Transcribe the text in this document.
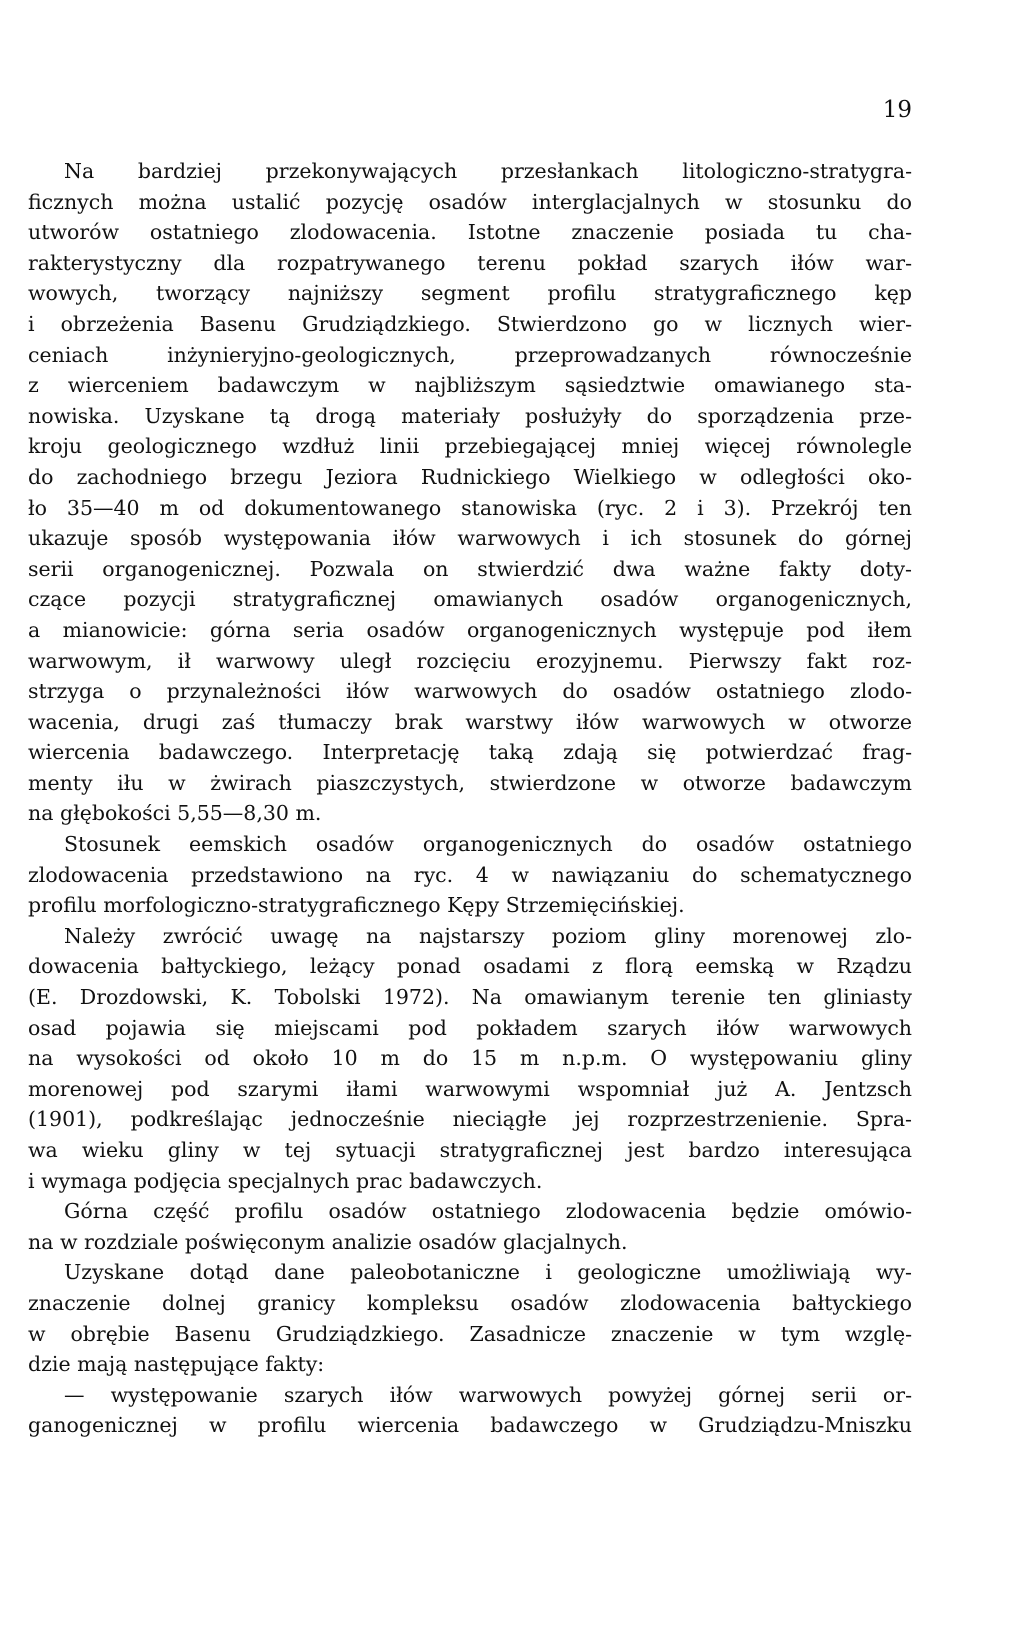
19
Na bardziej przekonywających przesłankach litologiczno-stratygra-
ficznych można ustalić pozycję osadów interglacjalnych w stosunku do
utworów ostatniego zlodowacenia. Istotne znaczenie posiada tu cha-
rakterystyczny dla rozpatrywanego terenu pokład szarych iłów war-
wowych, tworzący najniższy segment profilu stratygraficznego kęp
i obrzeżenia Basenu Grudziądzkiego. Stwierdzono go w licznych wier-
ceniach inżynieryjno-geologicznych, przeprowadzanych równocześnie
z wierceniem badawczym w najbliższym sąsiedztwie omawianego sta-
nowiska. Uzyskane tą drogą materiały posłużyły do sporządzenia prze-
kroju geologicznego wzdłuż linii przebiegającej mniej więcej równolegle
do zachodniego brzegu Jeziora Rudnickiego Wielkiego w odległości oko-
ło 35—40 m od dokumentowanego stanowiska (ryc. 2 i 3). Przekrój ten
ukazuje sposób występowania iłów warwowych i ich stosunek do górnej
serii organogenicznej. Pozwala on stwierdzić dwa ważne fakty doty-
czące pozycji stratygraficznej omawianych osadów organogenicznych,
a mianowicie: górna seria osadów organogenicznych występuje pod iłem
warwowym, ił warwowy uległ rozcięciu erozyjnemu. Pierwszy fakt roz-
strzyga o przynależności iłów warwowych do osadów ostatniego zlodo-
wacenia, drugi zaś tłumaczy brak warstwy iłów warwowych w otworze
wiercenia badawczego. Interpretację taką zdają się potwierdzać frag-
menty iłu w żwirach piaszczystych, stwierdzone w otworze badawczym
na głębokości 5,55—8,30 m.
Stosunek eemskich osadów organogenicznych do osadów ostatniego
zlodowacenia przedstawiono na ryc. 4 w nawiązaniu do schematycznego
profilu morfologiczno-stratygraficznego Kępy Strzemięcińskiej.
Należy zwrócić uwagę na najstarszy poziom gliny morenowej zlo-
dowacenia bałtyckiego, leżący ponad osadami z florą eemską w Rządzu
(E. Drozdowski, K. Tobolski 1972). Na omawianym terenie ten gliniasty
osad pojawia się miejscami pod pokładem szarych iłów warwowych
na wysokości od około 10 m do 15 m n.p.m. O występowaniu gliny
morenowej pod szarymi iłami warwowymi wspomniał już A. Jentzsch
(1901), podkreślając jednocześnie nieciągłe jej rozprzestrzenienie. Spra-
wa wieku gliny w tej sytuacji stratygraficznej jest bardzo interesująca
i wymaga podjęcia specjalnych prac badawczych.
Górna część profilu osadów ostatniego zlodowacenia będzie omówio-
na w rozdziale poświęconym analizie osadów glacjalnych.
Uzyskane dotąd dane paleobotaniczne i geologiczne umożliwiają wy-
znaczenie dolnej granicy kompleksu osadów zlodowacenia bałtyckiego
w obrębie Basenu Grudziądzkiego. Zasadnicze znaczenie w tym wzglę-
dzie mają następujące fakty:
— występowanie szarych iłów warwowych powyżej górnej serii or-
ganogenicznej w profilu wiercenia badawczego w Grudziądzu-Mniszku
